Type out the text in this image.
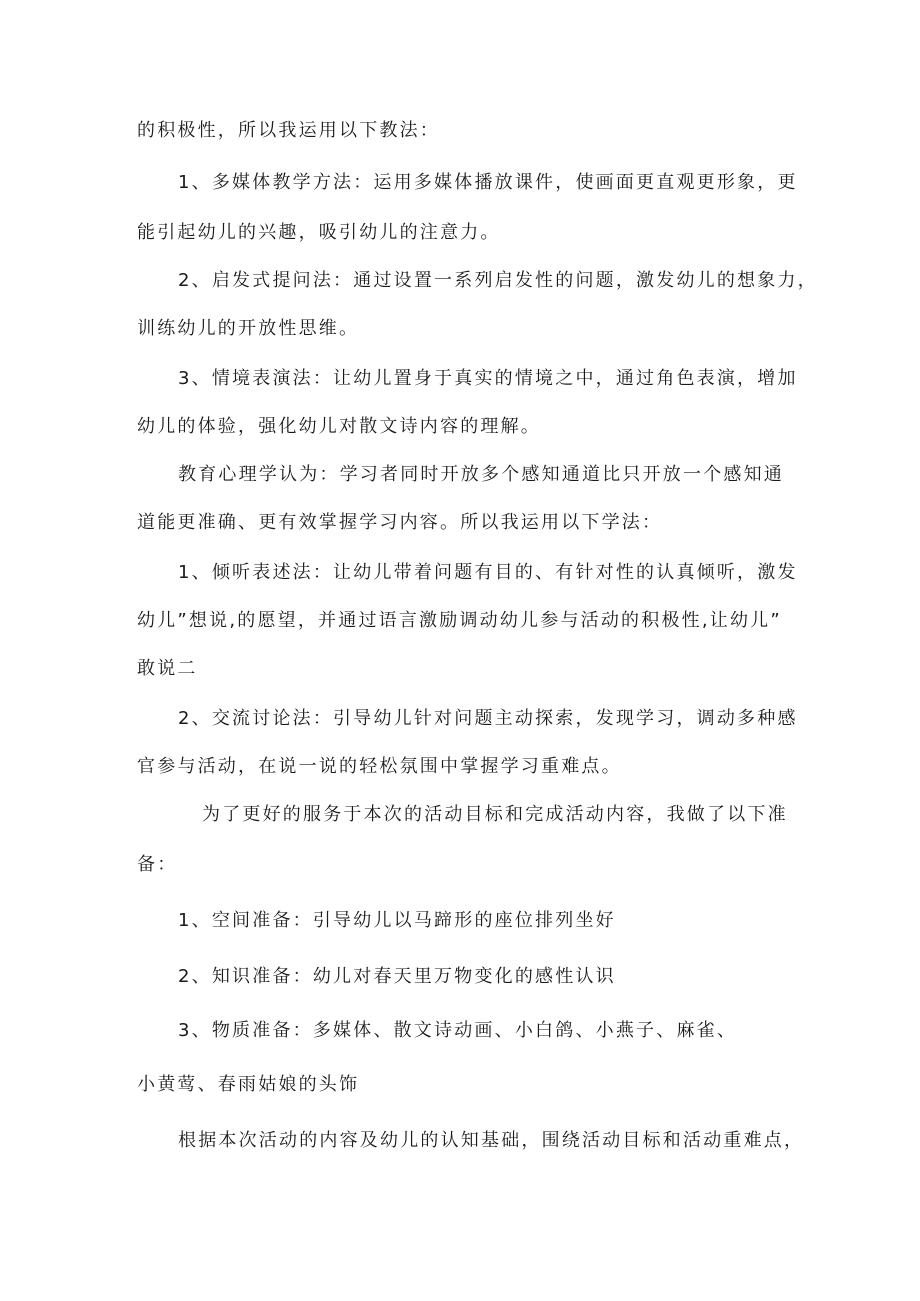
的积极性，所以我运用以下教法：

1、多媒体教学方法：运用多媒体播放课件，使画面更直观更形象，更

能引起幼儿的兴趣，吸引幼儿的注意力。

2、启发式提问法：通过设置一系列启发性的问题，激发幼儿的想象力，

训练幼儿的开放性思维。

3、情境表演法：让幼儿置身于真实的情境之中，通过角色表演，增加

幼儿的体验，强化幼儿对散文诗内容的理解。

教育心理学认为：学习者同时开放多个感知通道比只开放一个感知通

道能更准确、更有效掌握学习内容。所以我运用以下学法：

1、倾听表述法：让幼儿带着问题有目的、有针对性的认真倾听，激发

幼儿”想说,的愿望，并通过语言激励调动幼儿参与活动的积极性,让幼儿”

敢说二

2、交流讨论法：引导幼儿针对问题主动探索，发现学习，调动多种感

官参与活动，在说一说的轻松氛围中掌握学习重难点。

为了更好的服务于本次的活动目标和完成活动内容，我做了以下准

备：

1、空间准备：引导幼儿以马蹄形的座位排列坐好

2、知识准备：幼儿对春天里万物变化的感性认识

3、物质准备：多媒体、散文诗动画、小白鸽、小燕子、麻雀、

小黄莺、春雨姑娘的头饰

根据本次活动的内容及幼儿的认知基础，围绕活动目标和活动重难点，
